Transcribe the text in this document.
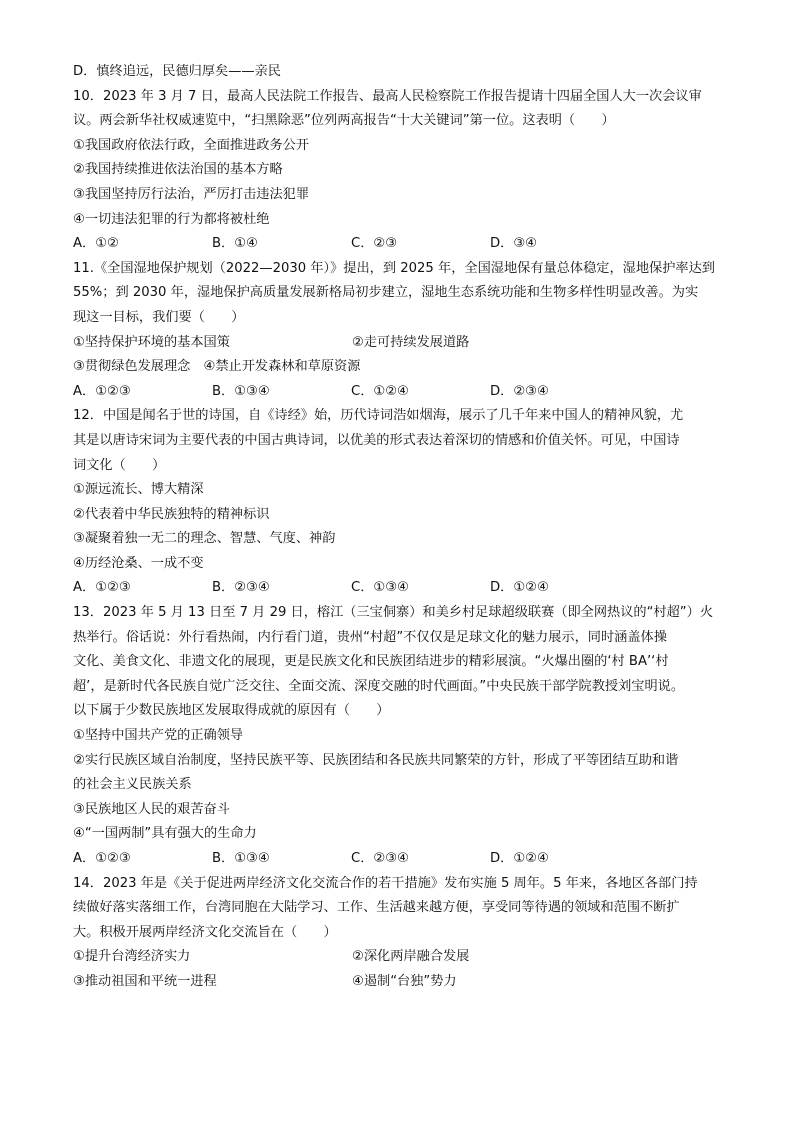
D．慎终追远，民德归厚矣——亲民
10．2023 年 3 月 7 日，最高人民法院工作报告、最高人民检察院工作报告提请十四届全国人大一次会议审
议。两会新华社权威速览中，“扫黑除恶”位列两高报告“十大关键词”第一位。这表明（　　）
①我国政府依法行政，全面推进政务公开
②我国持续推进依法治国的基本方略
③我国坚持厉行法治，严厉打击违法犯罪
④一切违法犯罪的行为都将被杜绝
A．①②	B．①④	C．②③	D．③④
11.《全国湿地保护规划（2022—2030 年）》提出，到 2025 年，全国湿地保有量总体稳定，湿地保护率达到
55%；到 2030 年，湿地保护高质量发展新格局初步建立，湿地生态系统功能和生物多样性明显改善。为实
现这一目标，我们要（　　）
①坚持保护环境的基本国策	②走可持续发展道路
③贯彻绿色发展理念　④禁止开发森林和草原资源
A．①②③	B．①③④	C．①②④	D．②③④
12．中国是闻名于世的诗国，自《诗经》始，历代诗词浩如烟海，展示了几千年来中国人的精神风貌，尤
其是以唐诗宋词为主要代表的中国古典诗词，以优美的形式表达着深切的情感和价值关怀。可见，中国诗
词文化（　　）
①源远流长、博大精深
②代表着中华民族独特的精神标识
③凝聚着独一无二的理念、智慧、气度、神韵
④历经沧桑、一成不变
A．①②③	B．②③④	C．①③④	D．①②④
13．2023 年 5 月 13 日至 7 月 29 日，榕江（三宝侗寨）和美乡村足球超级联赛（即全网热议的“村超”）火
热举行。俗话说：外行看热闹，内行看门道，贵州“村超”不仅仅是足球文化的魅力展示，同时涵盖体操
文化、美食文化、非遗文化的展现，更是民族文化和民族团结进步的精彩展演。“火爆出圈的‘村 BA’‘村
超’，是新时代各民族自觉广泛交往、全面交流、深度交融的时代画面。”中央民族干部学院教授刘宝明说。
以下属于少数民族地区发展取得成就的原因有（　　）
①坚持中国共产党的正确领导
②实行民族区域自治制度，坚持民族平等、民族团结和各民族共同繁荣的方针，形成了平等团结互助和谐
的社会主义民族关系
③民族地区人民的艰苦奋斗
④“一国两制”具有强大的生命力
A．①②③	B．①③④	C．②③④	D．①②④
14．2023 年是《关于促进两岸经济文化交流合作的若干措施》发布实施 5 周年。5 年来，各地区各部门持
续做好落实落细工作，台湾同胞在大陆学习、工作、生活越来越方便，享受同等待遇的领域和范围不断扩
大。积极开展两岸经济文化交流旨在（　　）
①提升台湾经济实力	②深化两岸融合发展
③推动祖国和平统一进程	④遏制“台独”势力
